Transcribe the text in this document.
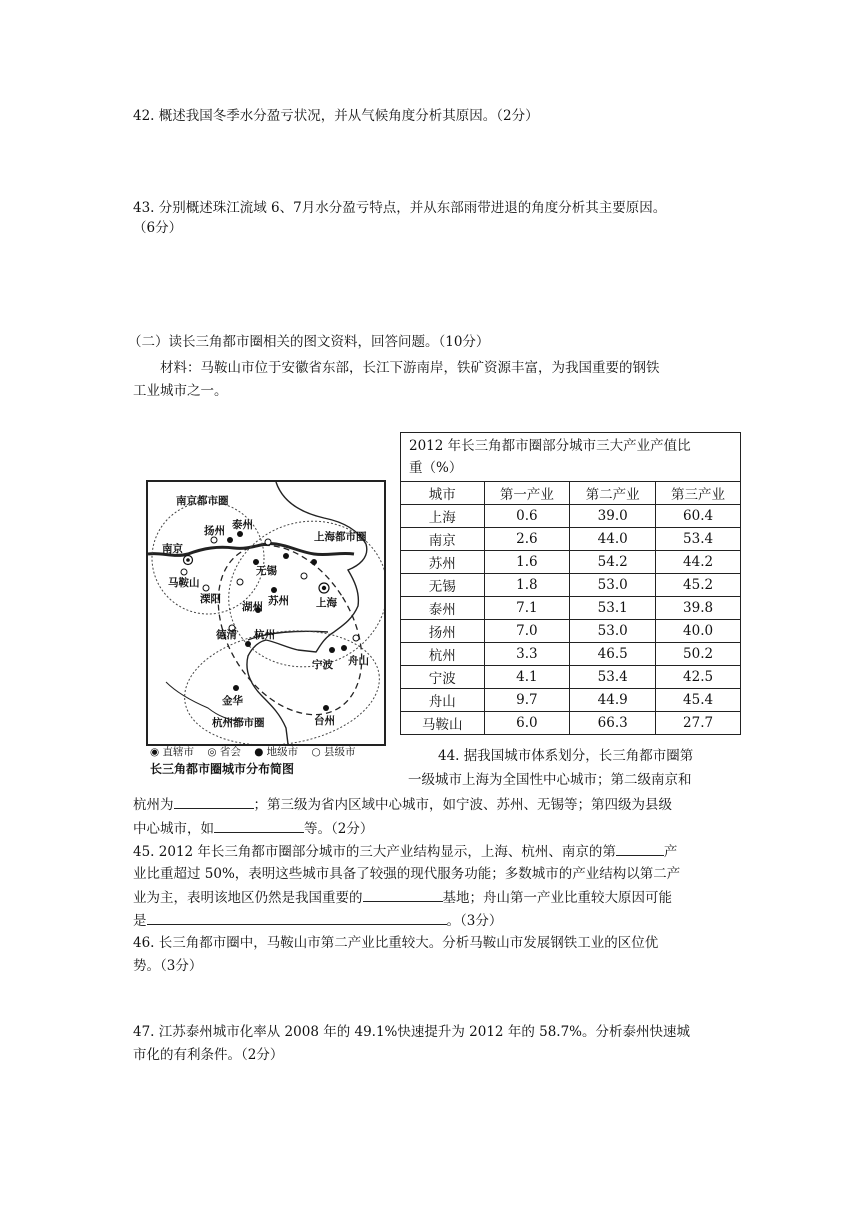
42. 概述我国冬季水分盈亏状况，并从气候角度分析其原因。（2分）
43. 分别概述珠江流域 6、7月水分盈亏特点，并从东部雨带进退的角度分析其主要原因。
（6分）
（二）读长三角都市圈相关的图文资料，回答问题。（10分）
材料：马鞍山市位于安徽省东部，长江下游南岸，铁矿资源丰富，为我国重要的钢铁
工业城市之一。
2012 年长三角都市圈部分城市三大产业产值比
重（%）			
城市	第一产业	第二产业	第三产业
上海	0.6	39.0	60.4
南京	2.6	44.0	53.4
苏州	1.6	54.2	44.2
无锡	1.8	53.0	45.2
泰州	7.1	53.1	39.8
扬州	7.0	53.0	40.0
杭州	3.3	46.5	50.2
宁波	4.1	53.4	42.5
舟山	9.7	44.9	45.4
马鞍山	6.0	66.3	27.7
南京都市圈
上海都市圈
杭州都市圈
扬州 泰州
南京
马鞍山
溧阳
无锡
苏州
湖州	上海
德清 杭州
宁波 舟山
金华
台州
◉ 直辖市 ◎ 省会 ● 地级市 ○ 县级市
长三角都市圈城市分布简图
44. 据我国城市体系划分，长三角都市圈第
一级城市上海为全国性中心城市；第二级南京和
杭州为	；第三级为省内区域中心城市，如宁波、苏州、无锡等；第四级为县级
中心城市，如	等。（2分）
45. 2012 年长三角都市圈部分城市的三大产业结构显示，上海、杭州、南京的第	产
业比重超过 50%，表明这些城市具备了较强的现代服务功能；多数城市的产业结构以第二产
业为主，表明该地区仍然是我国重要的	基地；舟山第一产业比重较大原因可能
是	。（3分）
46. 长三角都市圈中，马鞍山市第二产业比重较大。分析马鞍山市发展钢铁工业的区位优
势。（3分）
47. 江苏泰州城市化率从 2008 年的 49.1%快速提升为 2012 年的 58.7%。分析泰州快速城
市化的有利条件。（2分）
